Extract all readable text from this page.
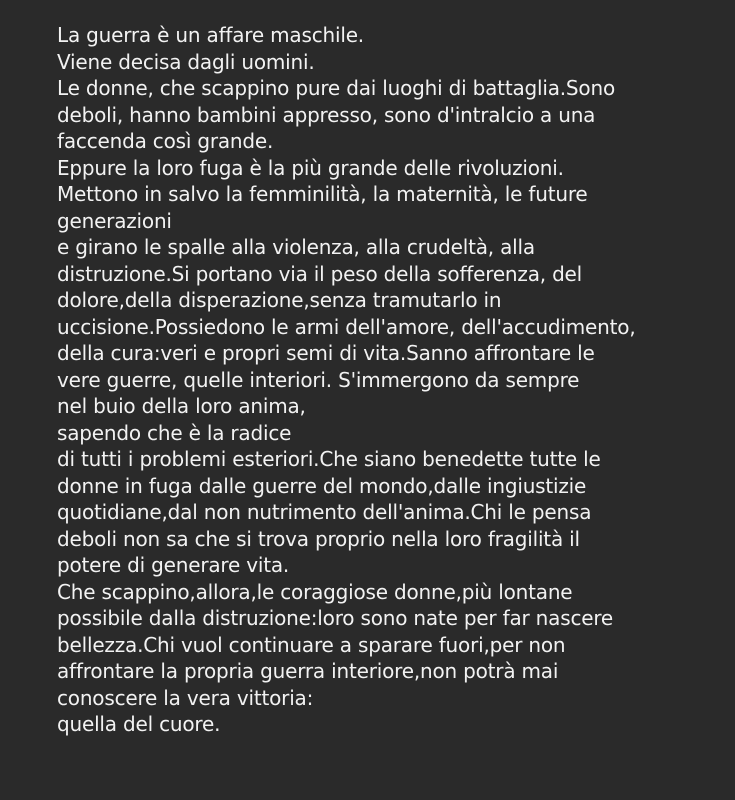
La guerra è un affare maschile.
Viene decisa dagli uomini.
Le donne, che scappino pure dai luoghi di battaglia.Sono
deboli, hanno bambini appresso, sono d'intralcio a una
faccenda così grande.
Eppure la loro fuga è la più grande delle rivoluzioni.
Mettono in salvo la femminilità, la maternità, le future
generazioni
e girano le spalle alla violenza, alla crudeltà, alla
distruzione.Si portano via il peso della sofferenza, del
dolore,della disperazione,senza tramutarlo in
uccisione.Possiedono le armi dell'amore, dell'accudimento,
della cura:veri e propri semi di vita.Sanno affrontare le
vere guerre, quelle interiori. S'immergono da sempre
nel buio della loro anima,
sapendo che è la radice
di tutti i problemi esteriori.Che siano benedette tutte le
donne in fuga dalle guerre del mondo,dalle ingiustizie
quotidiane,dal non nutrimento dell'anima.Chi le pensa
deboli non sa che si trova proprio nella loro fragilità il
potere di generare vita.
Che scappino,allora,le coraggiose donne,più lontane
possibile dalla distruzione:loro sono nate per far nascere
bellezza.Chi vuol continuare a sparare fuori,per non
affrontare la propria guerra interiore,non potrà mai
conoscere la vera vittoria:
quella del cuore.
